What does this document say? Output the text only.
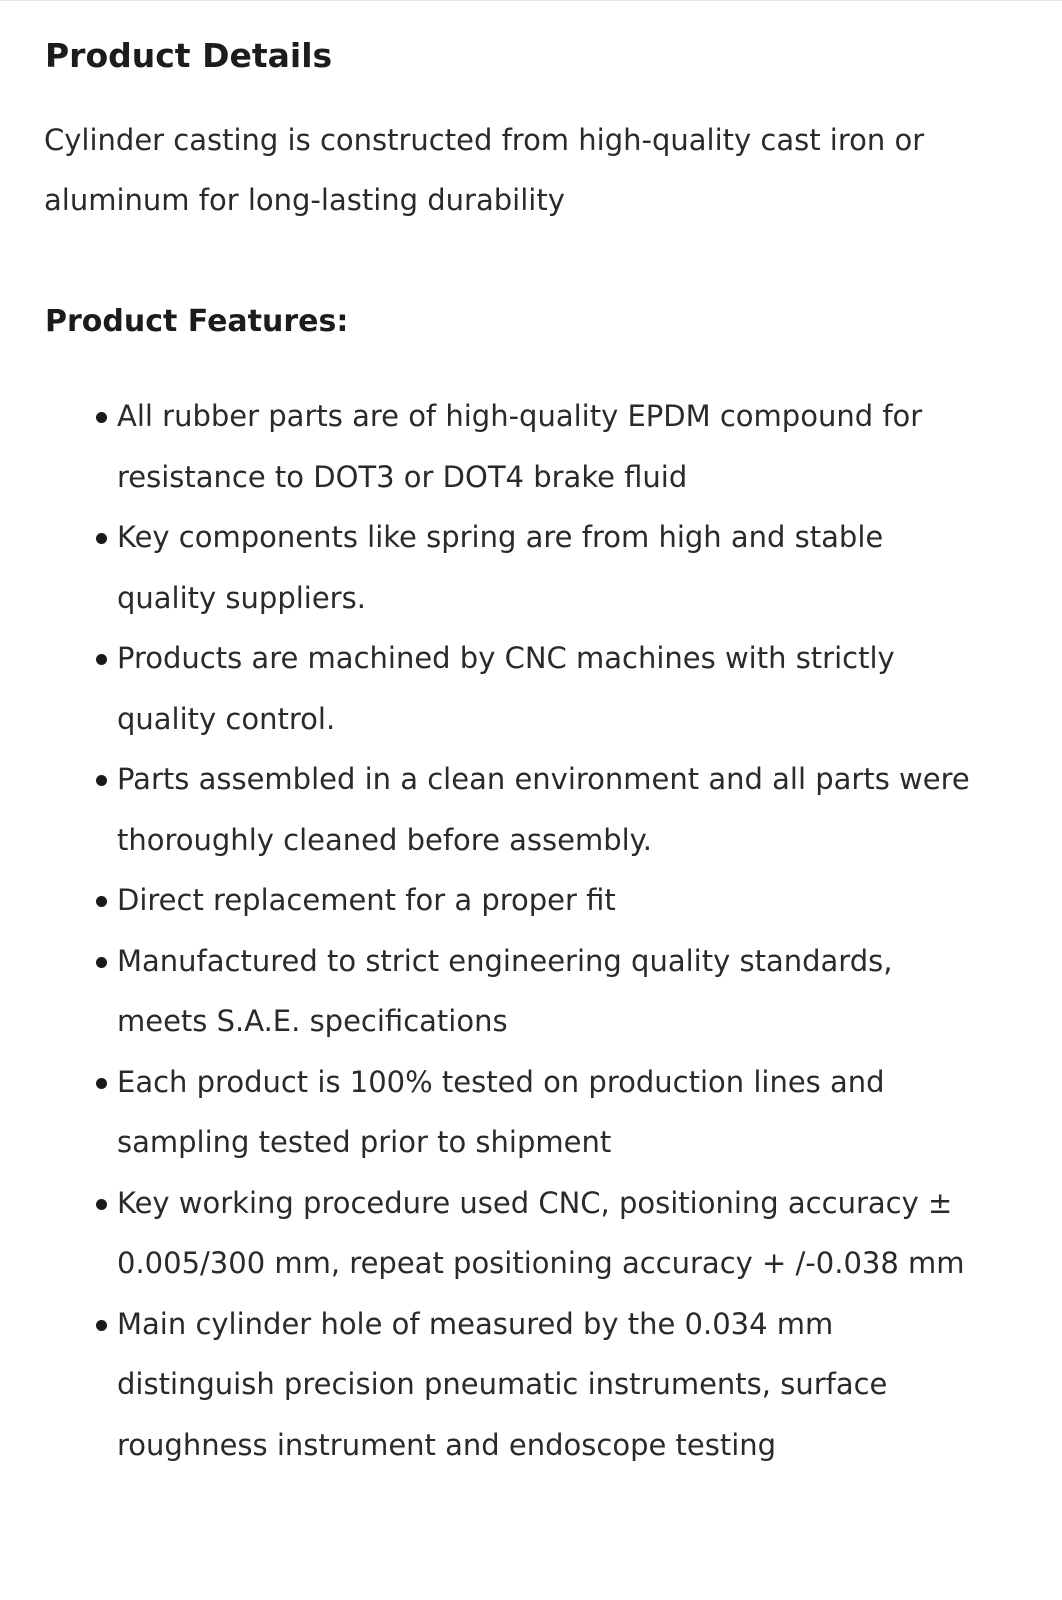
Product Details

Cylinder casting is constructed from high-quality cast iron or aluminum for long-lasting durability

Product Features:
All rubber parts are of high-quality EPDM compound for resistance to DOT3 or DOT4 brake fluid
Key components like spring are from high and stable quality suppliers.
Products are machined by CNC machines with strictly quality control.
Parts assembled in a clean environment and all parts were thoroughly cleaned before assembly.
Direct replacement for a proper fit
Manufactured to strict engineering quality standards, meets S.A.E. specifications
Each product is 100% tested on production lines and sampling tested prior to shipment
Key working procedure used CNC, positioning accuracy ± 0.005/300 mm, repeat positioning accuracy + /-0.038 mm
Main cylinder hole of measured by the 0.034 mm distinguish precision pneumatic instruments, surface roughness instrument and endoscope testing
